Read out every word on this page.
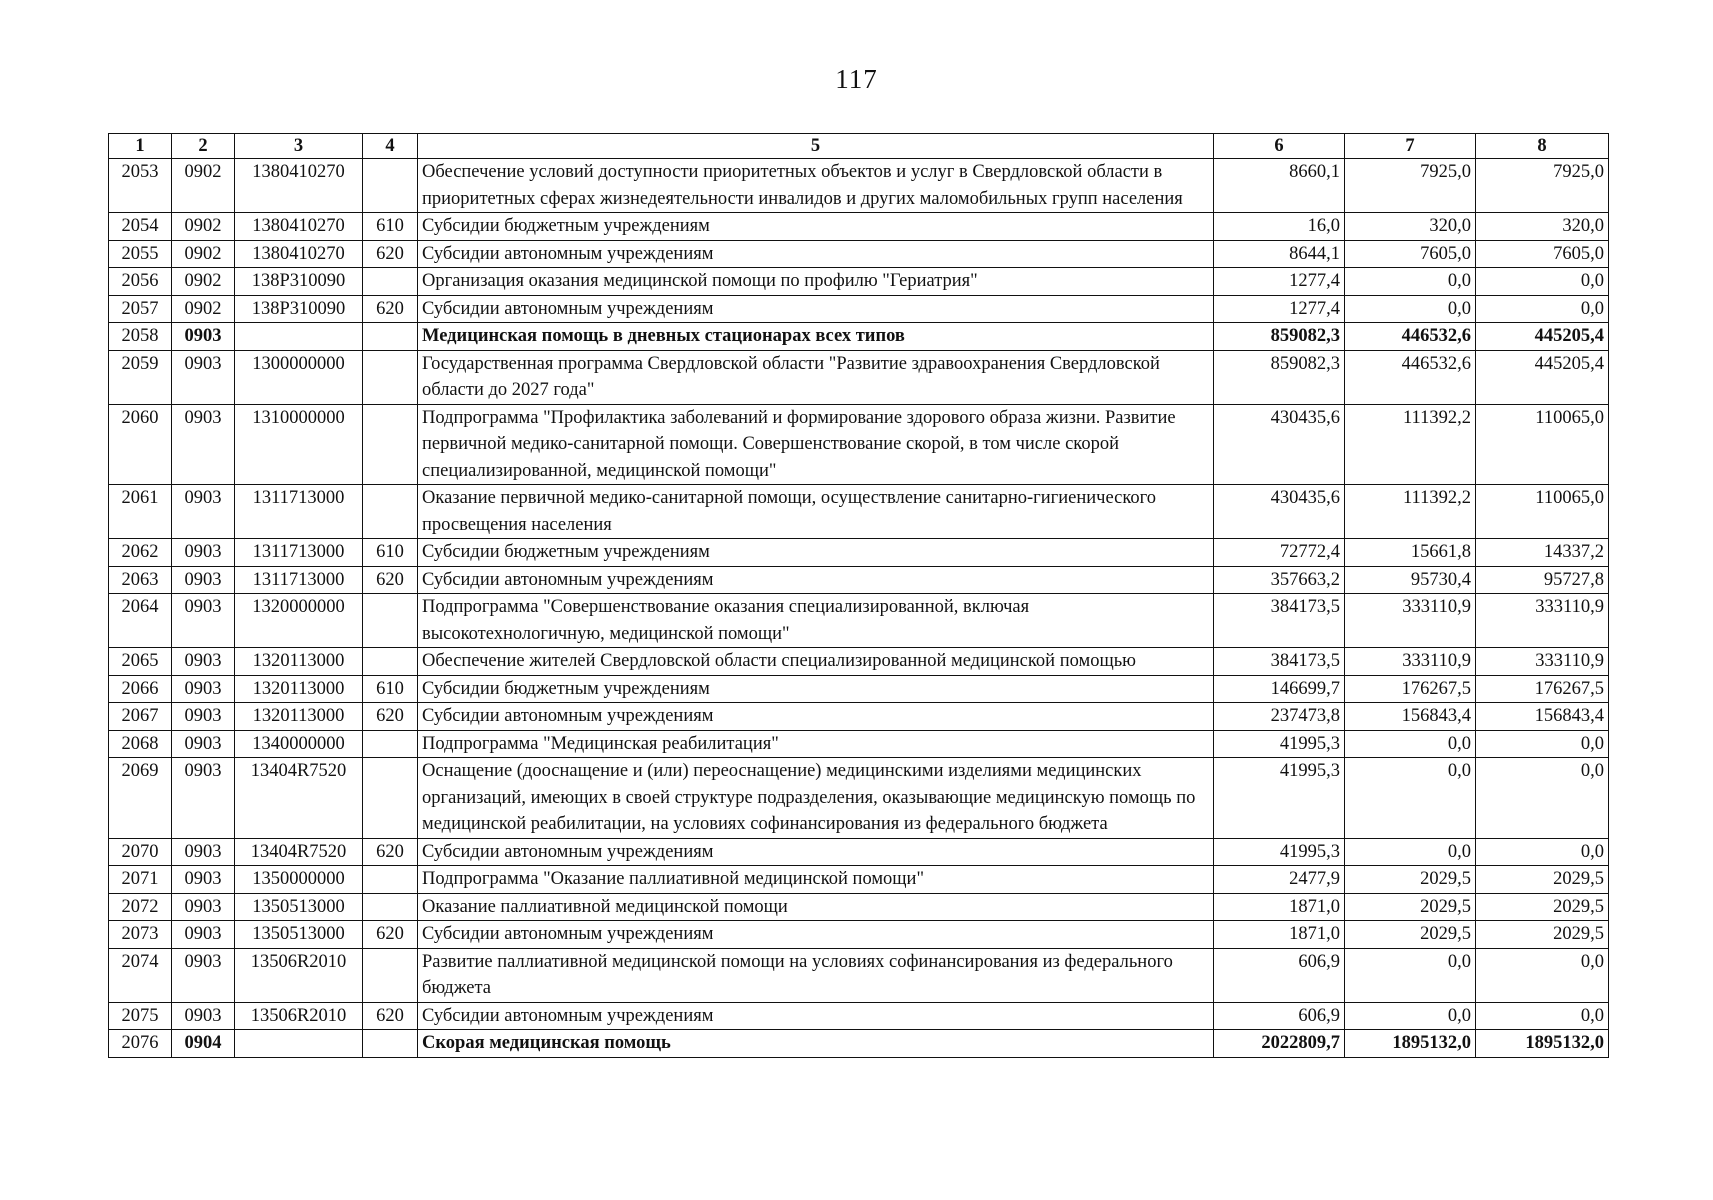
117
1	2	3	4	5	6	7	8
2053	0902	1380410270		Обеспечение условий доступности приоритетных объектов и услуг в Свердловской области в приоритетных сферах жизнедеятельности инвалидов и других маломобильных групп населения	8660,1	7925,0	7925,0
2054	0902	1380410270	610	Субсидии бюджетным учреждениям	16,0	320,0	320,0
2055	0902	1380410270	620	Субсидии автономным учреждениям	8644,1	7605,0	7605,0
2056	0902	138P310090		Организация оказания медицинской помощи по профилю "Гериатрия"	1277,4	0,0	0,0
2057	0902	138P310090	620	Субсидии автономным учреждениям	1277,4	0,0	0,0
2058	0903			Медицинская помощь в дневных стационарах всех типов	859082,3	446532,6	445205,4
2059	0903	1300000000		Государственная программа Свердловской области "Развитие здравоохранения Свердловской области до 2027 года"	859082,3	446532,6	445205,4
2060	0903	1310000000		Подпрограмма "Профилактика заболеваний и формирование здорового образа жизни. Развитие первичной медико-санитарной помощи. Совершенствование скорой, в том числе скорой специализированной, медицинской помощи"	430435,6	111392,2	110065,0
2061	0903	1311713000		Оказание первичной медико-санитарной помощи, осуществление санитарно-гигиенического просвещения населения	430435,6	111392,2	110065,0
2062	0903	1311713000	610	Субсидии бюджетным учреждениям	72772,4	15661,8	14337,2
2063	0903	1311713000	620	Субсидии автономным учреждениям	357663,2	95730,4	95727,8
2064	0903	1320000000		Подпрограмма "Совершенствование оказания специализированной, включая высокотехнологичную, медицинской помощи"	384173,5	333110,9	333110,9
2065	0903	1320113000		Обеспечение жителей Свердловской области специализированной медицинской помощью	384173,5	333110,9	333110,9
2066	0903	1320113000	610	Субсидии бюджетным учреждениям	146699,7	176267,5	176267,5
2067	0903	1320113000	620	Субсидии автономным учреждениям	237473,8	156843,4	156843,4
2068	0903	1340000000		Подпрограмма "Медицинская реабилитация"	41995,3	0,0	0,0
2069	0903	13404R7520		Оснащение (дооснащение и (или) переоснащение) медицинскими изделиями медицинских организаций, имеющих в своей структуре подразделения, оказывающие медицинскую помощь по медицинской реабилитации, на условиях софинансирования из федерального бюджета	41995,3	0,0	0,0
2070	0903	13404R7520	620	Субсидии автономным учреждениям	41995,3	0,0	0,0
2071	0903	1350000000		Подпрограмма "Оказание паллиативной медицинской помощи"	2477,9	2029,5	2029,5
2072	0903	1350513000		Оказание паллиативной медицинской помощи	1871,0	2029,5	2029,5
2073	0903	1350513000	620	Субсидии автономным учреждениям	1871,0	2029,5	2029,5
2074	0903	13506R2010		Развитие паллиативной медицинской помощи на условиях софинансирования из федерального бюджета	606,9	0,0	0,0
2075	0903	13506R2010	620	Субсидии автономным учреждениям	606,9	0,0	0,0
2076	0904			Скорая медицинская помощь	2022809,7	1895132,0	1895132,0
